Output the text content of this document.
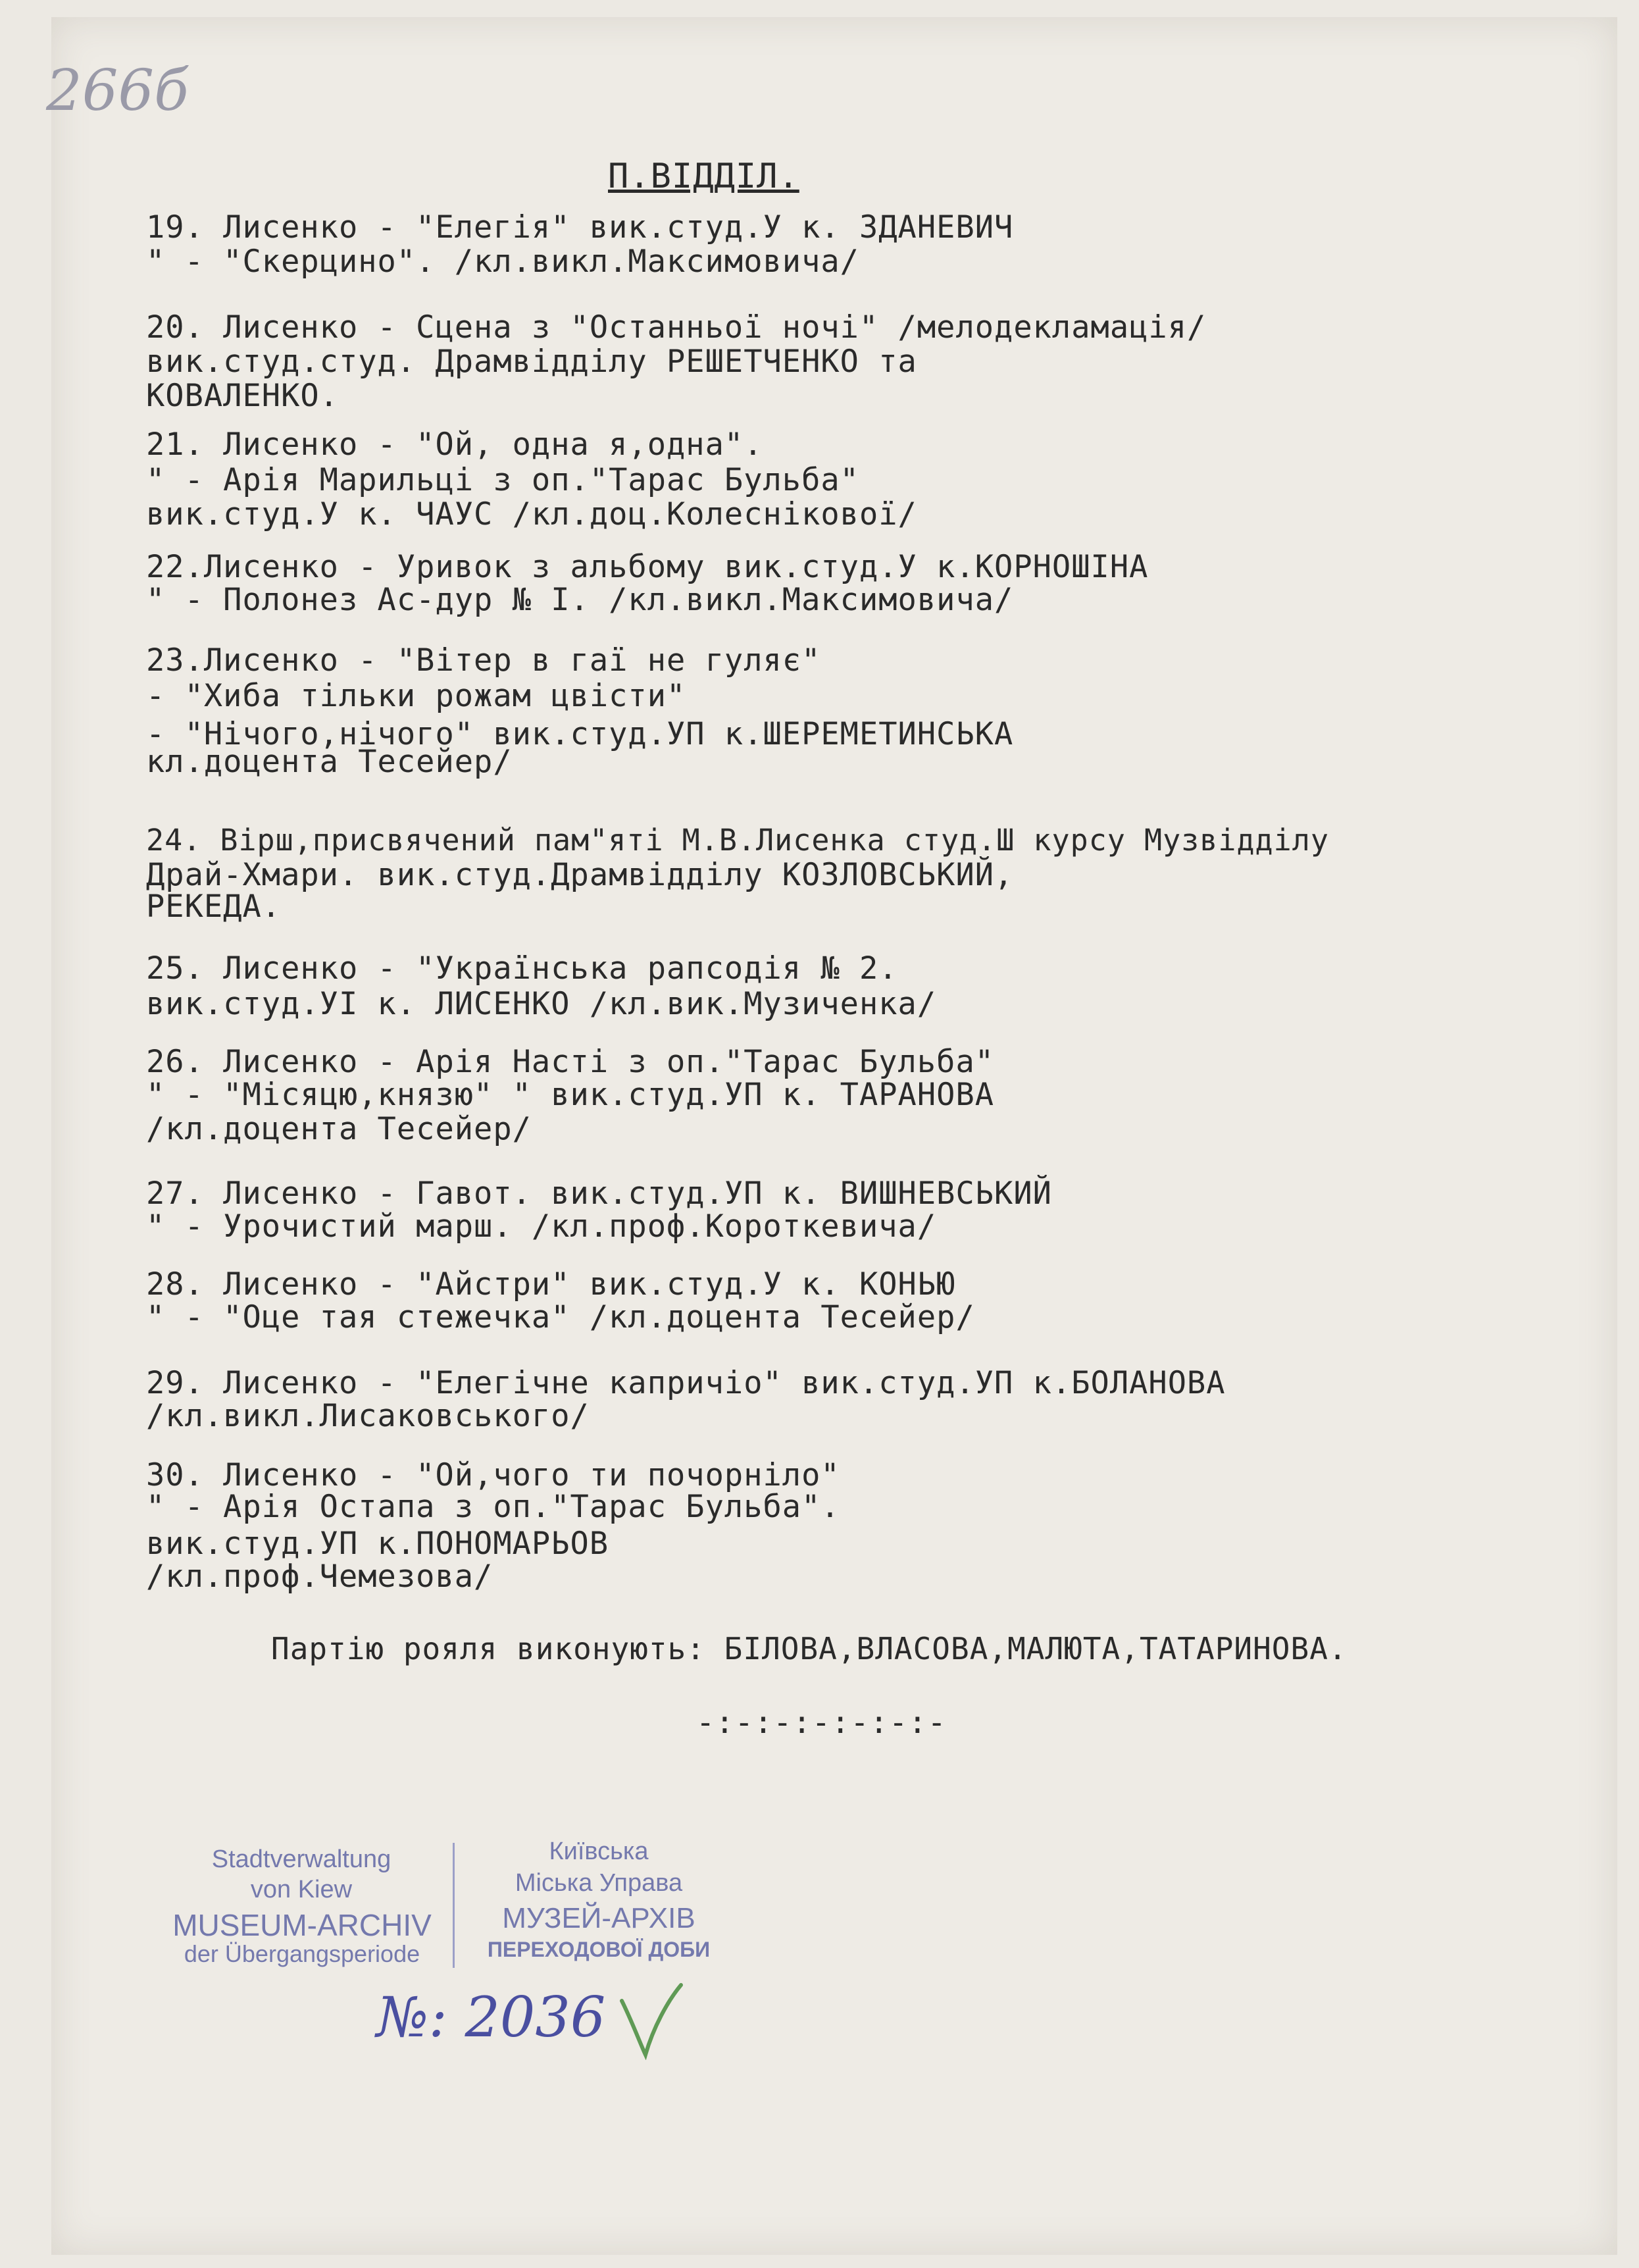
266б
П.ВІДДІЛ.
19. Лисенко - "Елегія" вик.студ.У к. ЗДАНЕВИЧ
" - "Скерцино". /кл.викл.Максимовича/
20. Лисенко - Сцена з "Останньої ночі" /мелодекламація/
вик.студ.студ. Драмвідділу РЕШЕТЧЕНКО та
КОВАЛЕНКО.
21. Лисенко - "Ой, одна я,одна".
" - Арія Марильці з оп."Тарас Бульба"
вик.студ.У к. ЧАУС /кл.доц.Колеснікової/
22.Лисенко - Уривок з альбому вик.студ.У к.КОРНОШІНА
" - Полонез Ас-дур № I. /кл.викл.Максимовича/
23.Лисенко - "Вітер в гаї не гуляє"
- "Хиба тільки рожам цвісти"
- "Нічого,нічого" вик.студ.УП к.ШЕРЕМЕТИНСЬКА
кл.доцента Тесейер/
24. Вірш,присвячений пам"яті М.В.Лисенка студ.Ш курсу Музвідділу
Драй-Хмари. вик.студ.Драмвідділу КОЗЛОВСЬКИЙ,
РЕКЕДА.
25. Лисенко - "Українська рапсодія № 2.
вик.студ.УІ к. ЛИСЕНКО /кл.вик.Музиченка/
26. Лисенко - Арія Насті з оп."Тарас Бульба"
" - "Місяцю,князю" " вик.студ.УП к. ТАРАНОВА
/кл.доцента Тесейер/
27. Лисенко - Гавот. вик.студ.УП к. ВИШНЕВСЬКИЙ
" - Урочистий марш. /кл.проф.Короткевича/
28. Лисенко - "Айстри" вик.студ.У к. КОНЬЮ
" - "Оце тая стежечка" /кл.доцента Тесейер/
29. Лисенко - "Елегічне капричіо" вик.студ.УП к.БОЛАНОВА
/кл.викл.Лисаковського/
30. Лисенко - "Ой,чого ти почорніло"
" - Арія Остапа з оп."Тарас Бульба".
вик.студ.УП к.ПОНОМАРЬОВ
/кл.проф.Чемезова/
Партію рояля виконують: БІЛОВА,ВЛАСОВА,МАЛЮТА,ТАТАРИНОВА.
-:-:-:-:-:-:-
Stadtverwaltung
von Kiew
MUSEUM-ARCHIV
der Übergangsperiode
Київська
Міська Управа
МУЗЕЙ-АРХІВ
ПЕРЕХОДОВОЇ ДОБИ
№: 2036
